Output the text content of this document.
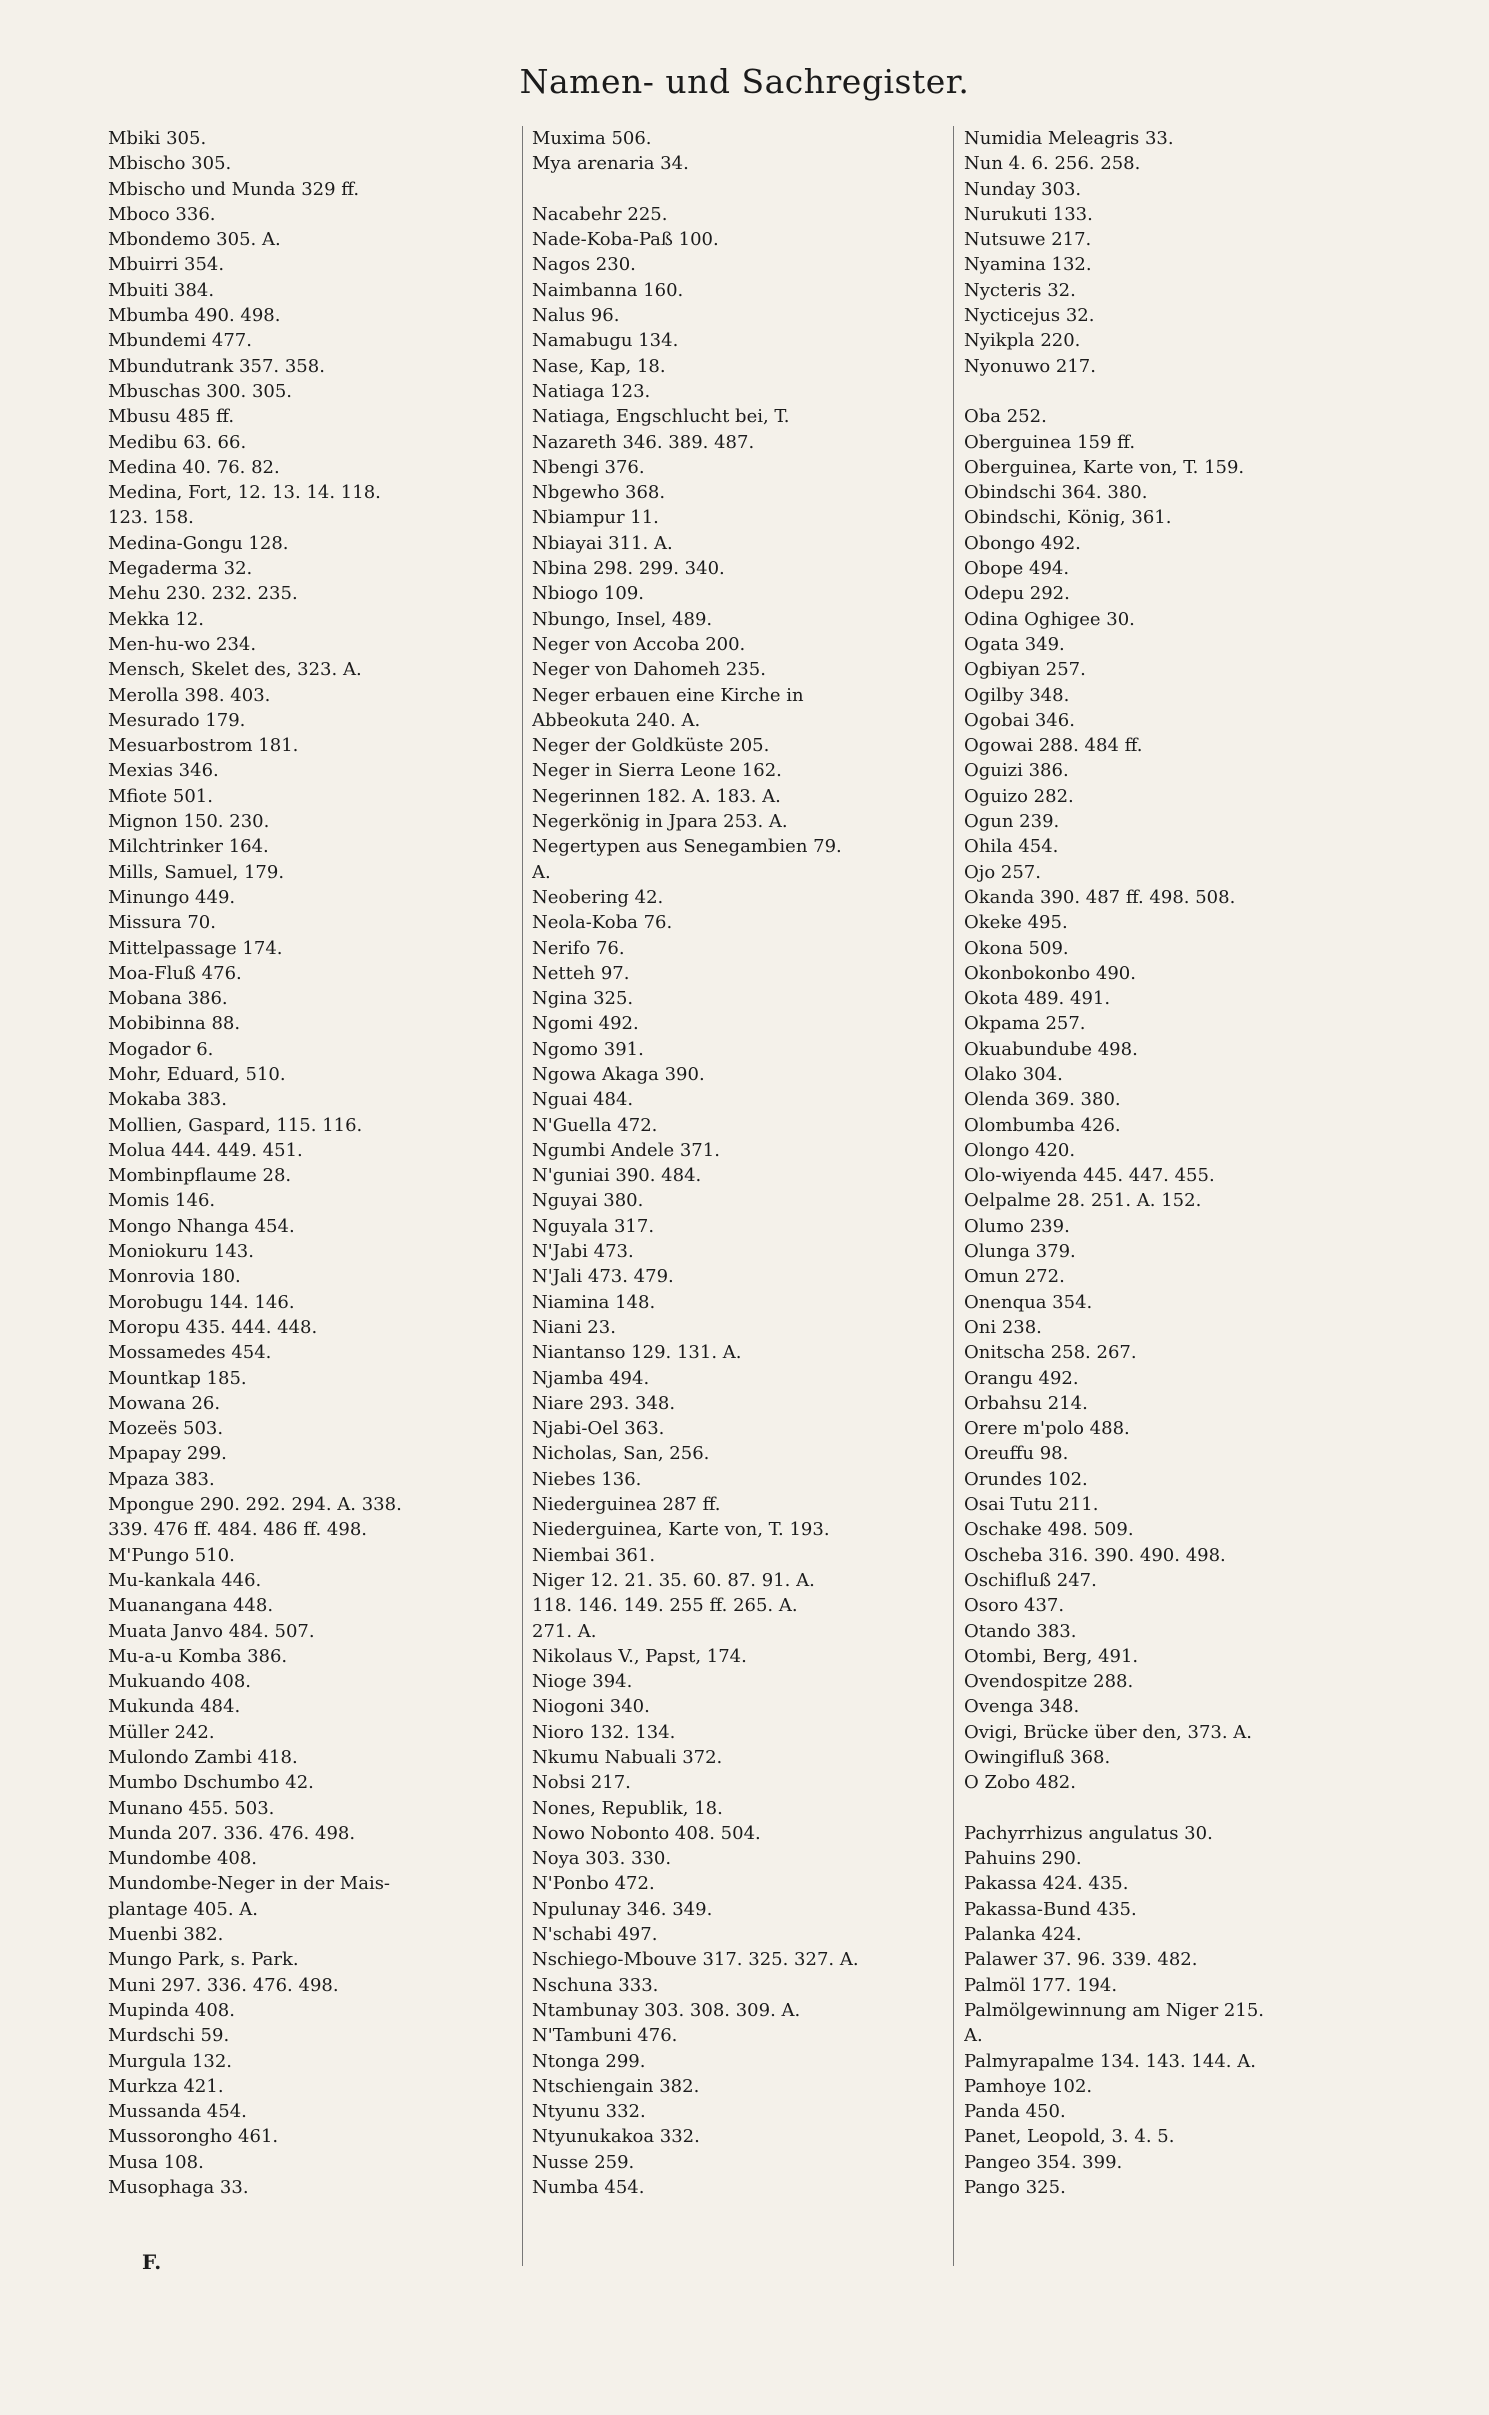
Namen- und Sachregister.
Mbiki 305.
Mbischo 305.
Mbischo und Munda 329 ff.
Mboco 336.
Mbondemo 305. A.
Mbuirri 354.
Mbuiti 384.
Mbumba 490. 498.
Mbundemi 477.
Mbundutrank 357. 358.
Mbuschas 300. 305.
Mbusu 485 ff.
Medibu 63. 66.
Medina 40. 76. 82.
Medina, Fort, 12. 13. 14. 118.
123. 158.
Medina-Gongu 128.
Megaderma 32.
Mehu 230. 232. 235.
Mekka 12.
Men-hu-wo 234.
Mensch, Skelet des, 323. A.
Merolla 398. 403.
Mesurado 179.
Mesuarbostrom 181.
Mexias 346.
Mfiote 501.
Mignon 150. 230.
Milchtrinker 164.
Mills, Samuel, 179.
Minungo 449.
Missura 70.
Mittelpassage 174.
Moa-Fluß 476.
Mobana 386.
Mobibinna 88.
Mogador 6.
Mohr, Eduard, 510.
Mokaba 383.
Mollien, Gaspard, 115. 116.
Molua 444. 449. 451.
Mombinpflaume 28.
Momis 146.
Mongo Nhanga 454.
Moniokuru 143.
Monrovia 180.
Morobugu 144. 146.
Moropu 435. 444. 448.
Mossamedes 454.
Mountkap 185.
Mowana 26.
Mozeës 503.
Mpapay 299.
Mpaza 383.
Mpongue 290. 292. 294. A. 338.
339. 476 ff. 484. 486 ff. 498.
M'Pungo 510.
Mu-kankala 446.
Muanangana 448.
Muata Janvo 484. 507.
Mu-a-u Komba 386.
Mukuando 408.
Mukunda 484.
Müller 242.
Mulondo Zambi 418.
Mumbo Dschumbo 42.
Munano 455. 503.
Munda 207. 336. 476. 498.
Mundombe 408.
Mundombe-Neger in der Mais-
plantage 405. A.
Muenbi 382.
Mungo Park, s. Park.
Muni 297. 336. 476. 498.
Mupinda 408.
Murdschi 59.
Murgula 132.
Murkza 421.
Mussanda 454.
Mussorongho 461.
Musa 108.
Musophaga 33.
Muxima 506.
Mya arenaria 34.
Nacabehr 225.
Nade-Koba-Paß 100.
Nagos 230.
Naimbanna 160.
Nalus 96.
Namabugu 134.
Nase, Kap, 18.
Natiaga 123.
Natiaga, Engschlucht bei, T.
Nazareth 346. 389. 487.
Nbengi 376.
Nbgewho 368.
Nbiampur 11.
Nbiayai 311. A.
Nbina 298. 299. 340.
Nbiogo 109.
Nbungo, Insel, 489.
Neger von Accoba 200.
Neger von Dahomeh 235.
Neger erbauen eine Kirche in
Abbeokuta 240. A.
Neger der Goldküste 205.
Neger in Sierra Leone 162.
Negerinnen 182. A. 183. A.
Negerkönig in Jpara 253. A.
Negertypen aus Senegambien 79.
A.
Neobering 42.
Neola-Koba 76.
Nerifo 76.
Netteh 97.
Ngina 325.
Ngomi 492.
Ngomo 391.
Ngowa Akaga 390.
Nguai 484.
N'Guella 472.
Ngumbi Andele 371.
N'guniai 390. 484.
Nguyai 380.
Nguyala 317.
N'Jabi 473.
N'Jali 473. 479.
Niamina 148.
Niani 23.
Niantanso 129. 131. A.
Njamba 494.
Niare 293. 348.
Njabi-Oel 363.
Nicholas, San, 256.
Niebes 136.
Niederguinea 287 ff.
Niederguinea, Karte von, T. 193.
Niembai 361.
Niger 12. 21. 35. 60. 87. 91. A.
118. 146. 149. 255 ff. 265. A.
271. A.
Nikolaus V., Papst, 174.
Nioge 394.
Niogoni 340.
Nioro 132. 134.
Nkumu Nabuali 372.
Nobsi 217.
Nones, Republik, 18.
Nowo Nobonto 408. 504.
Noya 303. 330.
N'Ponbo 472.
Npulunay 346. 349.
N'schabi 497.
Nschiego-Mbouve 317. 325. 327. A.
Nschuna 333.
Ntambunay 303. 308. 309. A.
N'Tambuni 476.
Ntonga 299.
Ntschiengain 382.
Ntyunu 332.
Ntyunukakoa 332.
Nusse 259.
Numba 454.
Numidia Meleagris 33.
Nun 4. 6. 256. 258.
Nunday 303.
Nurukuti 133.
Nutsuwe 217.
Nyamina 132.
Nycteris 32.
Nycticejus 32.
Nyikpla 220.
Nyonuwo 217.
Oba 252.
Oberguinea 159 ff.
Oberguinea, Karte von, T. 159.
Obindschi 364. 380.
Obindschi, König, 361.
Obongo 492.
Obope 494.
Odepu 292.
Odina Oghigee 30.
Ogata 349.
Ogbiyan 257.
Ogilby 348.
Ogobai 346.
Ogowai 288. 484 ff.
Oguizi 386.
Oguizo 282.
Ogun 239.
Ohila 454.
Ojo 257.
Okanda 390. 487 ff. 498. 508.
Okeke 495.
Okona 509.
Okonbokonbo 490.
Okota 489. 491.
Okpama 257.
Okuabundube 498.
Olako 304.
Olenda 369. 380.
Olombumba 426.
Olongo 420.
Olo-wiyenda 445. 447. 455.
Oelpalme 28. 251. A. 152.
Olumo 239.
Olunga 379.
Omun 272.
Onenqua 354.
Oni 238.
Onitscha 258. 267.
Orangu 492.
Orbahsu 214.
Orere m'polo 488.
Oreuffu 98.
Orundes 102.
Osai Tutu 211.
Oschake 498. 509.
Oscheba 316. 390. 490. 498.
Oschifluß 247.
Osoro 437.
Otando 383.
Otombi, Berg, 491.
Ovendospitze 288.
Ovenga 348.
Ovigi, Brücke über den, 373. A.
Owingifluß 368.
O Zobo 482.
Pachyrrhizus angulatus 30.
Pahuins 290.
Pakassa 424. 435.
Pakassa-Bund 435.
Palanka 424.
Palawer 37. 96. 339. 482.
Palmöl 177. 194.
Palmölgewinnung am Niger 215.
A.
Palmyrapalme 134. 143. 144. A.
Pamhoye 102.
Panda 450.
Panet, Leopold, 3. 4. 5.
Pangeo 354. 399.
Pango 325.
F.
